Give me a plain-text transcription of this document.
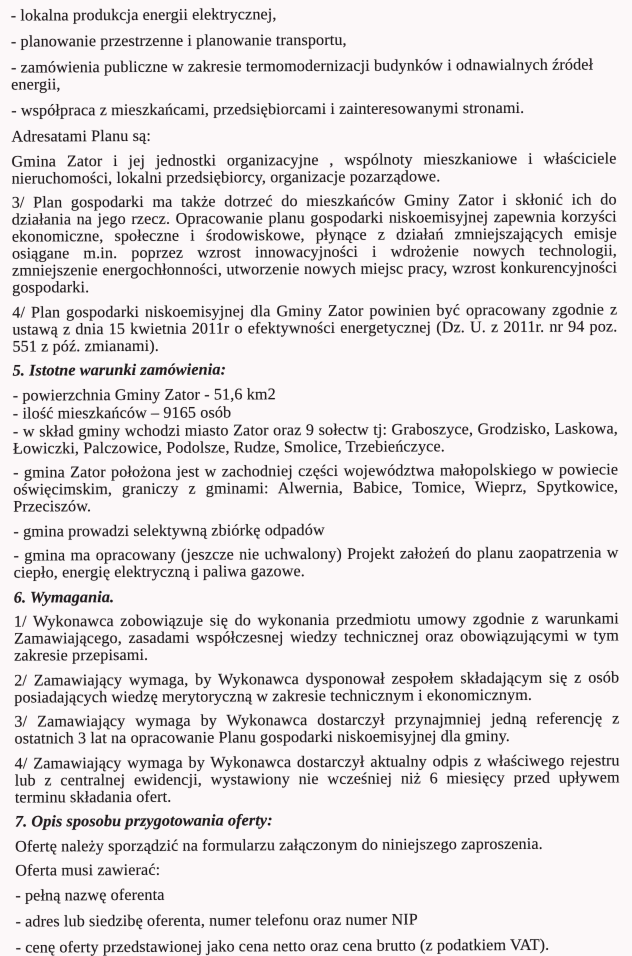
- lokalna produkcja energii elektrycznej,

- planowanie przestrzenne i planowanie transportu,

- zamówienia publiczne w zakresie termomodernizacji budynków i odnawialnych źródeł energii,

- współpraca z mieszkańcami, przedsiębiorcami i zainteresowanymi stronami.

Adresatami Planu są:

Gmina Zator i jej jednostki organizacyjne , wspólnoty mieszkaniowe i właściciele nieruchomości, lokalni przedsiębiorcy, organizacje pozarządowe.

3/ Plan gospodarki ma także dotrzeć do mieszkańców Gminy Zator i skłonić ich do działania na jego rzecz. Opracowanie planu gospodarki niskoemisyjnej zapewnia korzyści ekonomiczne, społeczne i środowiskowe, płynące z działań zmniejszających emisje osiągane m.in. poprzez wzrost innowacyjności i wdrożenie nowych technologii, zmniejszenie energochłonności, utworzenie nowych miejsc pracy, wzrost konkurencyjności gospodarki.

4/ Plan gospodarki niskoemisyjnej dla Gminy Zator powinien być opracowany zgodnie z ustawą z dnia 15 kwietnia 2011r o efektywności energetycznej (Dz. U. z 2011r. nr 94 poz. 551 z póź. zmianami).

5. Istotne warunki zamówienia:

- powierzchnia Gminy Zator - 51,6 km2

- ilość mieszkańców – 9165 osób

- w skład gminy wchodzi miasto Zator oraz 9 sołectw tj: Graboszyce, Grodzisko, Laskowa, Łowiczki, Palczowice, Podolsze, Rudze, Smolice, Trzebieńczyce.

- gmina Zator położona jest w zachodniej części województwa małopolskiego w powiecie oświęcimskim, graniczy z gminami: Alwernia, Babice, Tomice, Wieprz, Spytkowice, Przeciszów.

- gmina prowadzi selektywną zbiórkę odpadów

- gmina ma opracowany (jeszcze nie uchwalony) Projekt założeń do planu zaopatrzenia w ciepło, energię elektryczną i paliwa gazowe.

6. Wymagania.

1/ Wykonawca zobowiązuje się do wykonania przedmiotu umowy zgodnie z warunkami Zamawiającego, zasadami współczesnej wiedzy technicznej oraz obowiązującymi w tym zakresie przepisami.

2/ Zamawiający wymaga, by Wykonawca dysponował zespołem składającym się z osób posiadających wiedzę merytoryczną w zakresie technicznym i ekonomicznym.

3/ Zamawiający wymaga by Wykonawca dostarczył przynajmniej jedną referencję z ostatnich 3 lat na opracowanie Planu gospodarki niskoemisyjnej dla gminy.

4/ Zamawiający wymaga by Wykonawca dostarczył aktualny odpis z właściwego rejestru lub z centralnej ewidencji, wystawiony nie wcześniej niż 6 miesięcy przed upływem terminu składania ofert.

7. Opis sposobu przygotowania oferty:

Ofertę należy sporządzić na formularzu załączonym do niniejszego zaproszenia.

Oferta musi zawierać:

- pełną nazwę oferenta

- adres lub siedzibę oferenta, numer telefonu oraz numer NIP

- cenę oferty przedstawionej jako cena netto oraz cena brutto (z podatkiem VAT).
